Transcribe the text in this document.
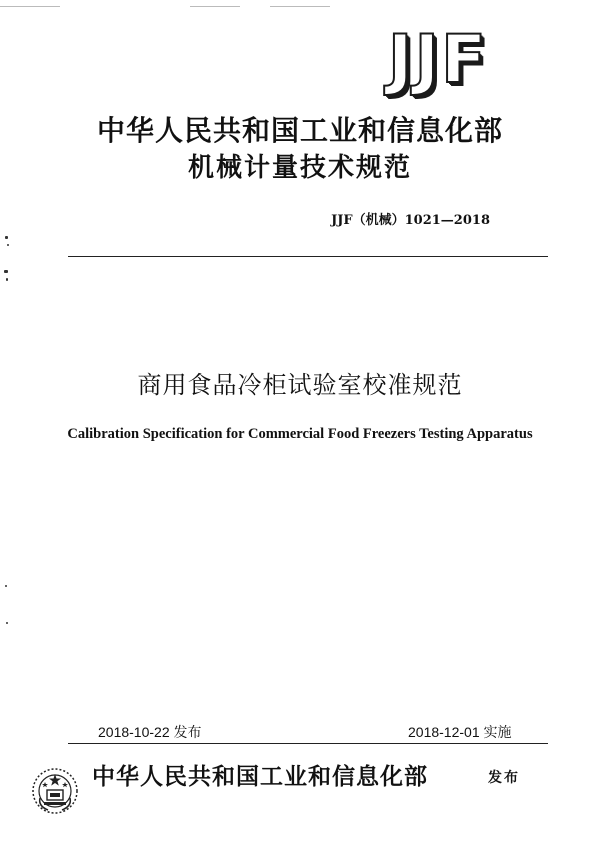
JJF
中华人民共和国工业和信息化部
机械计量技术规范
JJF（机械）1021—2018
商用食品冷柜试验室校准规范
Calibration Specification for Commercial Food Freezers Testing Apparatus
2018-10-22 发布	2018-12-01 实施
中华人民共和国工业和信息化部	发布
